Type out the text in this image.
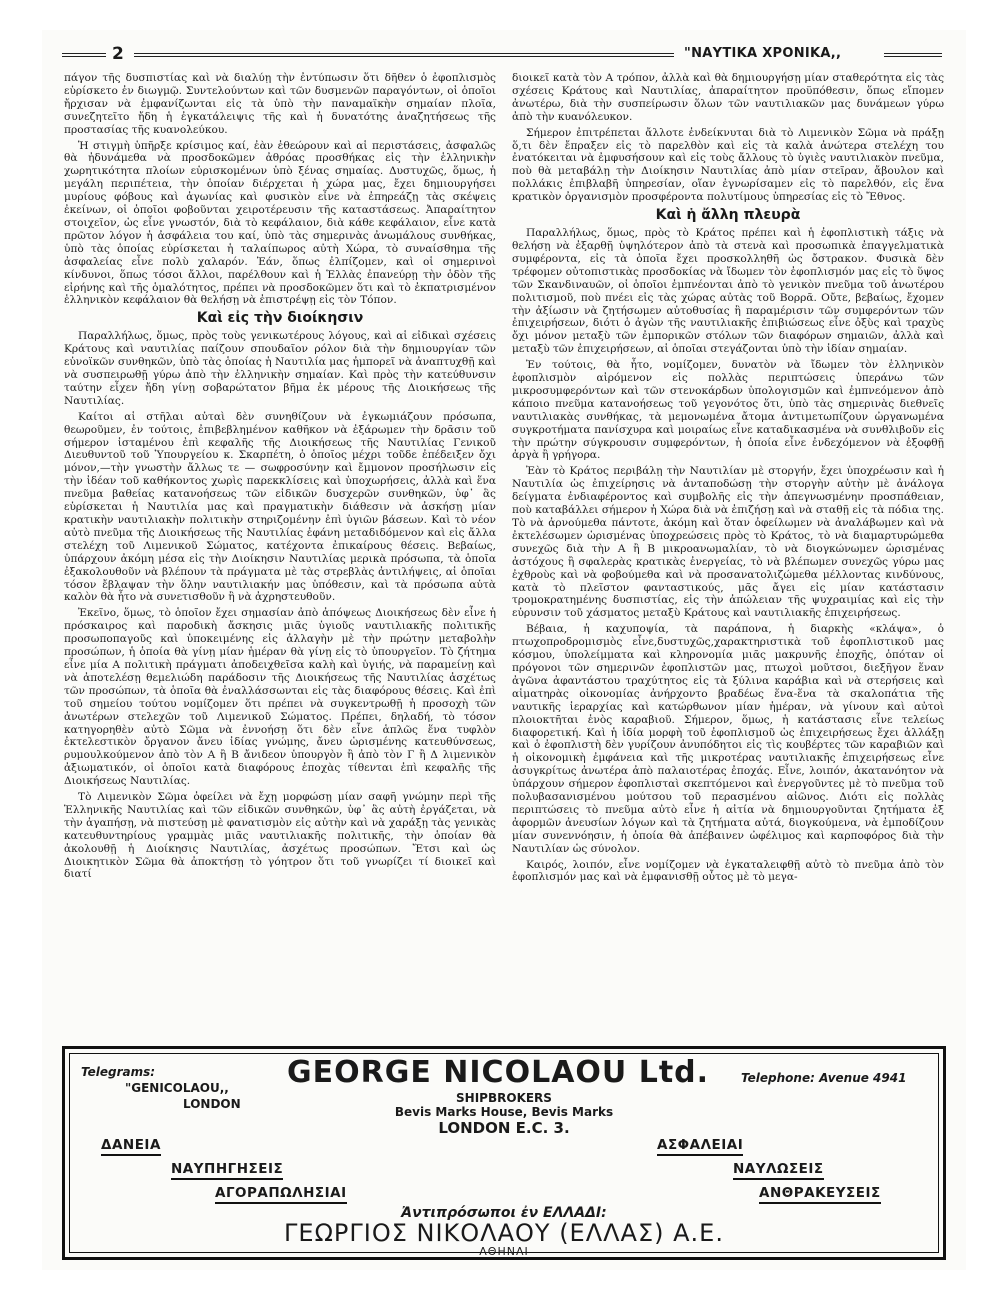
2	"ΝΑΥΤΙΚΑ ΧΡΟΝΙΚΑ,,

πάγον τῆς δυσπιστίας καὶ νὰ διαλύῃ τὴν ἐντύπωσιν ὅτι δῆθεν ὁ ἐφοπλισμὸς εὑρίσκετο ἐν διωγμῷ. Συντελούντων καὶ τῶν δυσμενῶν παραγόντων, οἱ ὁποῖοι ἤρχισαν νὰ ἐμφανίζωνται εἰς τὰ ὑπὸ τὴν παναμαϊκὴν σημαίαν πλοῖα, συνεζητεῖτο ἤδη ἡ ἐγκατάλειψις τῆς καὶ ἡ δυνατότης ἀναζητήσεως τῆς προστασίας τῆς κυανολεύκου.

Ἡ στιγμὴ ὑπῆρξε κρίσιμος καί, ἐὰν ἐθεώρουν καὶ αἱ περιστάσεις, ἀσφαλῶς θὰ ἠδυνάμεθα νὰ προσδοκῶμεν ἀθρόας προσθήκας εἰς τὴν ἑλληνικὴν χωρητικότητα πλοίων εὑρισκομένων ὑπὸ ξένας σημαίας. Δυστυχῶς, ὅμως, ἡ μεγάλη περιπέτεια, τὴν ὁποίαν διέρχεται ἡ χώρα μας, ἔχει δημιουργήσει μυρίους φόβους καὶ ἀγωνίας καὶ φυσικὸν εἶνε νὰ ἐπηρεάζῃ τὰς σκέψεις ἐκείνων, οἱ ὁποῖοι φοβοῦνται χειροτέρευσιν τῆς καταστάσεως. Ἀπαραίτητον στοιχεῖον, ὡς εἶνε γνωστόν, διὰ τὸ κεφάλαιον, διὰ κάθε κεφάλαιον, εἶνε κατὰ πρῶτον λόγον ἡ ἀσφάλεια του καί, ὑπὸ τὰς σημερινὰς ἀνωμάλους συνθήκας, ὑπὸ τὰς ὁποίας εὑρίσκεται ἡ ταλαίπωρος αὐτὴ Χώρα, τὸ συναίσθημα τῆς ἀσφαλείας εἶνε πολὺ χαλαρόν. Ἐάν, ὅπως ἐλπίζομεν, καὶ οἱ σημερινοὶ κίνδυνοι, ὅπως τόσοι ἄλλοι, παρέλθουν καὶ ἡ Ἑλλὰς ἐπανεύρῃ τὴν ὁδὸν τῆς εἰρήνης καὶ τῆς ὁμαλότητος, πρέπει νὰ προσδοκῶμεν ὅτι καὶ τὸ ἐκπατρισμένον ἑλληνικὸν κεφάλαιον θὰ θελήσῃ νὰ ἐπιστρέψῃ εἰς τὸν Τόπον.

Καὶ εἰς τὴν διοίκησιν

Παραλλήλως, ὅμως, πρὸς τοὺς γενικωτέρους λόγους, καὶ αἱ εἰδικαὶ σχέσεις Κράτους καὶ ναυτιλίας παίζουν σπουδαῖον ρόλον διὰ τὴν δημιουργίαν τῶν εὐνοϊκῶν συνθηκῶν, ὑπὸ τὰς ὁποίας ἡ Ναυτιλία μας ἠμπορεῖ νὰ ἀναπτυχθῇ καὶ νὰ συσπειρωθῇ γύρω ἀπὸ τὴν ἑλληνικὴν σημαίαν. Καὶ πρὸς τὴν κατεύθυνσιν ταύτην εἶχεν ἤδη γίνῃ σοβαρώτατον βῆμα ἐκ μέρους τῆς Διοικήσεως τῆς Ναυτιλίας.

Καίτοι αἱ στῆλαι αὐταὶ δὲν συνηθίζουν νὰ ἐγκωμιάζουν πρόσωπα, θεωροῦμεν, ἐν τούτοις, ἐπιβεβλημένον καθῆκον νὰ ἐξάρωμεν τὴν δρᾶσιν τοῦ σήμερον ἱσταμένου ἐπὶ κεφαλῆς τῆς Διοικήσεως τῆς Ναυτιλίας Γενικοῦ Διευθυντοῦ τοῦ Ὑπουργείου κ. Σκαρπέτη, ὁ ὁποῖος μέχρι τοῦδε ἐπέδειξεν ὄχι μόνον,—τὴν γνωστὴν ἄλλως τε — σωφροσύνην καὶ ἔμμονον προσήλωσιν εἰς τὴν ἰδέαν τοῦ καθήκοντος χωρὶς παρεκκλίσεις καὶ ὑποχωρήσεις, ἀλλὰ καὶ ἕνα πνεῦμα βαθείας κατανοήσεως τῶν εἰδικῶν δυσχερῶν συνθηκῶν, ὑφ᾽ ἃς εὑρίσκεται ἡ Ναυτιλία μας καὶ πραγματικὴν διάθεσιν νὰ ἀσκήσῃ μίαν κρατικὴν ναυτιλιακὴν πολιτικὴν στηριζομένην ἐπὶ ὑγιῶν βάσεων. Καὶ τὸ νέον αὐτὸ πνεῦμα τῆς Διοικήσεως τῆς Ναυτιλίας ἐφάνη μεταδιδόμενον καὶ εἰς ἄλλα στελέχη τοῦ Λιμενικοῦ Σώματος, κατέχοντα ἐπικαίρους θέσεις. Βεβαίως, ὑπάρχουν ἀκόμη μέσα εἰς τὴν Διοίκησιν Ναυτιλίας μερικὰ πρόσωπα, τὰ ὁποῖα ἐξακολουθοῦν νὰ βλέπουν τὰ πράγματα μὲ τὰς στρεβλὰς ἀντιλήψεις, αἱ ὁποῖαι τόσον ἔβλαψαν τὴν ὅλην ναυτιλιακήν μας ὑπόθεσιν, καὶ τὰ πρόσωπα αὐτὰ καλὸν θὰ ἦτο νὰ συνετισθοῦν ἢ νὰ ἀχρηστευθοῦν.

Ἐκεῖνο, ὅμως, τὸ ὁποῖον ἔχει σημασίαν ἀπὸ ἀπόψεως Διοικήσεως δὲν εἶνε ἡ πρόσκαιρος καὶ παροδικὴ ἄσκησις μιᾶς ὑγιοῦς ναυτιλιακῆς πολιτικῆς προσωποπαγοῦς καὶ ὑποκειμένης εἰς ἀλλαγὴν μὲ τὴν πρώτην μεταβολὴν προσώπων, ἡ ὁποία θὰ γίνῃ μίαν ἡμέραν θὰ γίνῃ εἰς τὸ ὑπουργεῖον. Τὸ ζήτημα εἶνε μία Α πολιτικὴ πράγματι ἀποδειχθεῖσα καλὴ καὶ ὑγιής, νὰ παραμείνῃ καὶ νὰ ἀποτελέσῃ θεμελιώδη παράδοσιν τῆς Διοικήσεως τῆς Ναυτιλίας ἀσχέτως τῶν προσώπων, τὰ ὁποῖα θὰ ἐναλλάσσωνται εἰς τὰς διαφόρους θέσεις. Καὶ ἐπὶ τοῦ σημείου τούτου νομίζομεν ὅτι πρέπει νὰ συγκεντρωθῇ ἡ προσοχὴ τῶν ἀνωτέρων στελεχῶν τοῦ Λιμενικοῦ Σώματος. Πρέπει, δηλαδή, τὸ τόσον κατηγορηθὲν αὐτὸ Σῶμα νὰ ἐννοήσῃ ὅτι δὲν εἶνε ἁπλῶς ἕνα τυφλὸν ἐκτελεστικὸν ὄργανον ἄνευ ἰδίας γνώμης, ἄνευ ὡρισμένης κατευθύνσεως, ρυμουλκούμενον ἀπὸ τὸν Α ἢ Β ἄνιδεον ὑπουργὸν ἢ ἀπὸ τὸν Γ ἢ Δ λιμενικὸν ἀξιωματικόν, οἱ ὁποῖοι κατὰ διαφόρους ἐποχὰς τίθενται ἐπὶ κεφαλῆς τῆς Διοικήσεως Ναυτιλίας.

Τὸ Λιμενικὸν Σῶμα ὀφείλει νὰ ἔχῃ μορφώσῃ μίαν σαφῆ γνώμην περὶ τῆς Ἑλληνικῆς Ναυτιλίας καὶ τῶν εἰδικῶν συνθηκῶν, ὑφ᾽ ἃς αὐτὴ ἐργάζεται, νὰ τὴν ἀγαπήσῃ, νὰ πιστεύσῃ μὲ φανατισμὸν εἰς αὐτὴν καὶ νὰ χαράξῃ τὰς γενικὰς κατευθυντηρίους γραμμὰς μιᾶς ναυτιλιακῆς πολιτικῆς, τὴν ὁποίαν θὰ ἀκολουθῇ ἡ Διοίκησις Ναυτιλίας, ἀσχέτως προσώπων. Ἔτσι καὶ ὡς Διοικητικὸν Σῶμα θὰ ἀποκτήσῃ τὸ γόητρον ὅτι τοῦ γνωρίζει τί διοικεῖ καὶ διατί

διοικεῖ κατὰ τὸν Α τρόπον, ἀλλὰ καὶ θὰ δημιουργήσῃ μίαν σταθερότητα εἰς τὰς σχέσεις Κράτους καὶ Ναυτιλίας, ἀπαραίτητον προϋπόθεσιν, ὅπως εἴπομεν ἀνωτέρω, διὰ τὴν συσπείρωσιν ὅλων τῶν ναυτιλιακῶν μας δυνάμεων γύρω ἀπὸ τὴν κυανόλευκον.

Σήμερον ἐπιτρέπεται ἄλλοτε ἐνδείκνυται διὰ τὸ Λιμενικὸν Σῶμα νὰ πράξῃ ὅ,τι δὲν ἔπραξεν εἰς τὸ παρελθὸν καὶ εἰς τὰ καλὰ ἀνώτερα στελέχη του ἐνατόκειται νὰ ἐμφυσήσουν καὶ εἰς τοὺς ἄλλους τὸ ὑγιὲς ναυτιλιακὸν πνεῦμα, ποὺ θὰ μεταβάλῃ τὴν Διοίκησιν Ναυτιλίας ἀπὸ μίαν στεῖραν, ἄβουλον καὶ πολλάκις ἐπιβλαβῆ ὑπηρεσίαν, οἵαν ἐγνωρίσαμεν εἰς τὸ παρελθόν, εἰς ἕνα κρατικὸν ὀργανισμὸν προσφέροντα πολυτίμους ὑπηρεσίας εἰς τὸ Ἔθνος.

Καὶ ἡ ἄλλη πλευρὰ

Παραλλήλως, ὅμως, πρὸς τὸ Κράτος πρέπει καὶ ἡ ἐφοπλιστικὴ τάξις νὰ θελήσῃ νὰ ἐξαρθῇ ὑψηλότερον ἀπὸ τὰ στενὰ καὶ προσωπικὰ ἐπαγγελματικὰ συμφέροντα, εἰς τὰ ὁποῖα ἔχει προσκολληθῆ ὡς ὄστρακον. Φυσικὰ δὲν τρέφομεν οὐτοπιστικὰς προσδοκίας νὰ ἴδωμεν τὸν ἐφοπλισμόν μας εἰς τὸ ὕψος τῶν Σκανδιναυῶν, οἱ ὁποῖοι ἐμπνέονται ἀπὸ τὸ γενικὸν πνεῦμα τοῦ ἀνωτέρου πολιτισμοῦ, ποὺ πνέει εἰς τὰς χώρας αὐτὰς τοῦ Βορρᾶ. Οὔτε, βεβαίως, ἔχομεν τὴν ἀξίωσιν νὰ ζητήσωμεν αὐτοθυσίας ἢ παραμέρισιν τῶν συμφερόντων τῶν ἐπιχειρήσεων, διότι ὁ ἀγὼν τῆς ναυτιλιακῆς ἐπιβιώσεως εἶνε ὀξὺς καὶ τραχὺς ὄχι μόνον μεταξὺ τῶν ἐμπορικῶν στόλων τῶν διαφόρων σημαιῶν, ἀλλὰ καὶ μεταξὺ τῶν ἐπιχειρήσεων, αἱ ὁποῖαι στεγάζονται ὑπὸ τὴν ἰδίαν σημαίαν.

Ἐν τούτοις, θὰ ἦτο, νομίζομεν, δυνατὸν νὰ ἴδωμεν τὸν ἑλληνικὸν ἐφοπλισμὸν αἰρόμενον εἰς πολλὰς περιπτώσεις ὑπεράνω τῶν μικροσυμφερόντων καὶ τῶν στενοκάρδων ὑπολογισμῶν καὶ ἐμπνεόμενον ἀπὸ κάποιο πνεῦμα κατανοήσεως τοῦ γεγονότος ὅτι, ὑπὸ τὰς σημερινὰς διεθνεῖς ναυτιλιακὰς συνθήκας, τὰ μεμονωμένα ἄτομα ἀντιμετωπίζουν ὠργανωμένα συγκροτήματα πανίσχυρα καὶ μοιραίως εἶνε καταδικασμένα νὰ συνθλιβοῦν εἰς τὴν πρώτην σύγκρουσιν συμφερόντων, ἡ ὁποία εἶνε ἐνδεχόμενον νὰ ἐξοφθῇ ἀργὰ ἢ γρήγορα.

Ἐὰν τὸ Κράτος περιβάλῃ τὴν Ναυτιλίαν μὲ στοργήν, ἔχει ὑποχρέωσιν καὶ ἡ Ναυτιλία ὡς ἐπιχείρησις νὰ ἀνταποδώσῃ τὴν στοργὴν αὐτὴν μὲ ἀνάλογα δείγματα ἐνδιαφέροντος καὶ συμβολῆς εἰς τὴν ἀπεγνωσμένην προσπάθειαν, ποὺ καταβάλλει σήμερον ἡ Χώρα διὰ νὰ ἐπιζήσῃ καὶ νὰ σταθῇ εἰς τὰ πόδια της. Τὸ νὰ ἀρνούμεθα πάντοτε, ἀκόμη καὶ ὅταν ὀφείλωμεν νὰ ἀναλάβωμεν καὶ νὰ ἐκτελέσωμεν ὡρισμένας ὑποχρεώσεις πρὸς τὸ Κράτος, τὸ νὰ διαμαρτυρώμεθα συνεχῶς διὰ τὴν Α ἢ Β μικροανωμαλίαν, τὸ νὰ διογκώνωμεν ὡρισμένας ἀστόχους ἢ σφαλερὰς κρατικὰς ἐνεργείας, τὸ νὰ βλέπωμεν συνεχῶς γύρω μας ἐχθροὺς καὶ νὰ φοβούμεθα καὶ νὰ προσανατολιζώμεθα μέλλοντας κινδύνους, κατὰ τὸ πλεῖστον φανταστικούς, μᾶς ἄγει εἰς μίαν κατάστασιν τρομοκρατημένης δυσπιστίας, εἰς τὴν ἀπώλειαν τῆς ψυχραιμίας καὶ εἰς τὴν εὐρυνσιν τοῦ χάσματος μεταξὺ Κράτους καὶ ναυτιλιακῆς ἐπιχειρήσεως.

Βέβαια, ἡ καχυποψία, τὰ παράπονα, ἡ διαρκὴς «κλάψα», ὁ πτωχοπροδρομισμὸς εἶνε,δυστυχῶς,χαρακτηριστικὰ τοῦ ἐφοπλιστικοῦ μας κόσμου, ὑπολείμματα καὶ κληρονομία μιᾶς μακρυνῆς ἐποχῆς, ὁπόταν οἱ πρόγονοι τῶν σημερινῶν ἐφοπλιστῶν μας, πτωχοὶ μοῦτσοι, διεξῆγον ἕναν ἀγῶνα ἀφαντάστου τραχύτητος εἰς τὰ ξύλινα καράβια καὶ νὰ στερήσεις καὶ αἱματηρὰς οἰκονομίας ἀνήρχοντο βραδέως ἕνα-ἕνα τὰ σκαλοπάτια τῆς ναυτικῆς ἱεραρχίας καὶ κατώρθωνον μίαν ἡμέραν, νὰ γίνουν καὶ αὐτοὶ πλοιοκτῆται ἑνὸς καραβιοῦ. Σήμερον, ὅμως, ἡ κατάστασις εἶνε τελείως διαφορετική. Καὶ ἡ ἰδία μορφὴ τοῦ ἐφοπλισμοῦ ὡς ἐπιχειρήσεως ἔχει ἀλλάξῃ καὶ ὁ ἐφοπλιστὴ δὲν γυρίζουν ἀνυπόδητοι εἰς τὶς κουβέρτες τῶν καραβιῶν καὶ ἡ οἰκονομικὴ ἐμφάνεια καὶ τῆς μικροτέρας ναυτιλιακῆς ἐπιχειρήσεως εἶνε ἀσυγκρίτως ἀνωτέρα ἀπὸ παλαιοτέρας ἐποχάς. Εἶνε, λοιπόν, ἀκατανόητον νὰ ὑπάρχουν σήμερον ἐφοπλισταὶ σκεπτόμενοι καὶ ἐνεργοῦντες μὲ τὸ πνεῦμα τοῦ πολυβασανισμένου μούτσου τοῦ περασμένου αἰῶνος. Διότι εἰς πολλὰς περιπτώσεις τὸ πνεῦμα αὐτὸ εἶνε ἡ αἰτία νὰ δημιουργοῦνται ζητήματα ἐξ ἀφορμῶν ἀνευσίων λόγων καὶ τὰ ζητήματα αὐτά, διογκούμενα, νὰ ἐμποδίζουν μίαν συνεννόησιν, ἡ ὁποία θὰ ἀπέβαινεν ὠφέλιμος καὶ καρποφόρος διὰ τὴν Ναυτιλίαν ὡς σύνολον.

Καιρός, λοιπόν, εἶνε νομίζομεν νὰ ἐγκαταλειφθῇ αὐτὸ τὸ πνεῦμα ἀπὸ τὸν ἐφοπλισμόν μας καὶ νὰ ἐμφανισθῇ οὗτος μὲ τὸ μεγα-

Telegrams:
"GENICOLAOU,,
LONDON
GEORGE NICOLAOU Ltd.	Telephone: Avenue 4941
SHIPBROKERS
Bevis Marks House, Bevis Marks
LONDON E.C. 3.
ΔΑΝΕΙΑ
ΝΑΥΠΗΓΗΣΕΙΣ
ΑΓΟΡΑΠΩΛΗΣΙΑΙ
ΑΣΦΑΛΕΙΑΙ
ΝΑΥΛΩΣΕΙΣ
ΑΝΘΡΑΚΕΥΣΕΙΣ
Ἀντιπρόσωποι ἐν ΕΛΛΑΔΙ:
ΓΕΩΡΓΙΟΣ ΝΙΚΟΛΑΟΥ (ΕΛΛΑΣ) Α.Ε.
ΑΘΗΝΑΙ
